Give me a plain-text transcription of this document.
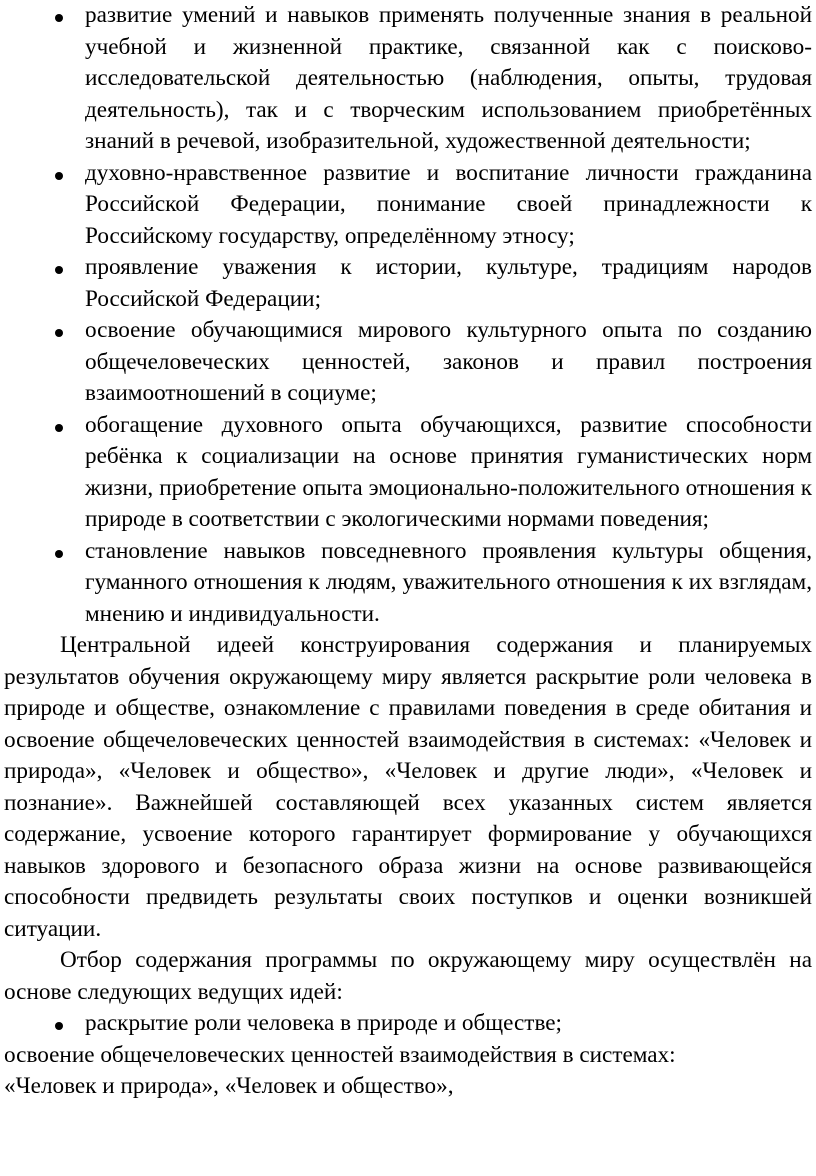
развитие умений и навыков применять полученные знания в реальной учебной и жизненной практике, связанной как с поисково-исследовательской деятельностью (наблюдения, опыты, трудовая деятельность), так и с творческим использованием приобретённых знаний в речевой, изобразительной, художественной деятельности;
духовно-нравственное развитие и воспитание личности гражданина Российской Федерации, понимание своей принадлежности к Российскому государству, определённому этносу;
проявление уважения к истории, культуре, традициям народов Российской Федерации;
освоение обучающимися мирового культурного опыта по созданию общечеловеческих ценностей, законов и правил построения взаимоотношений в социуме;
обогащение духовного опыта обучающихся, развитие способности ребёнка к социализации на основе принятия гуманистических норм жизни, приобретение опыта эмоционально-положительного отношения к природе в соответствии с экологическими нормами поведения;
становление навыков повседневного проявления культуры общения, гуманного отношения к людям, уважительного отношения к их взглядам, мнению и индивидуальности.

Центральной идеей конструирования содержания и планируемых результатов обучения окружающему миру является раскрытие роли человека в природе и обществе, ознакомление с правилами поведения в среде обитания и освоение общечеловеческих ценностей взаимодействия в системах: «Человек и природа», «Человек и общество», «Человек и другие люди», «Человек и познание». Важнейшей составляющей всех указанных систем является содержание, усвоение которого гарантирует формирование у обучающихся навыков здорового и безопасного образа жизни на основе развивающейся способности предвидеть результаты своих поступков и оценки возникшей ситуации.

Отбор содержания программы по окружающему миру осуществлён на основе следующих ведущих идей:

раскрытие роли человека в природе и обществе;

освоение общечеловеческих ценностей взаимодействия в системах:

«Человек и природа», «Человек и общество»,
